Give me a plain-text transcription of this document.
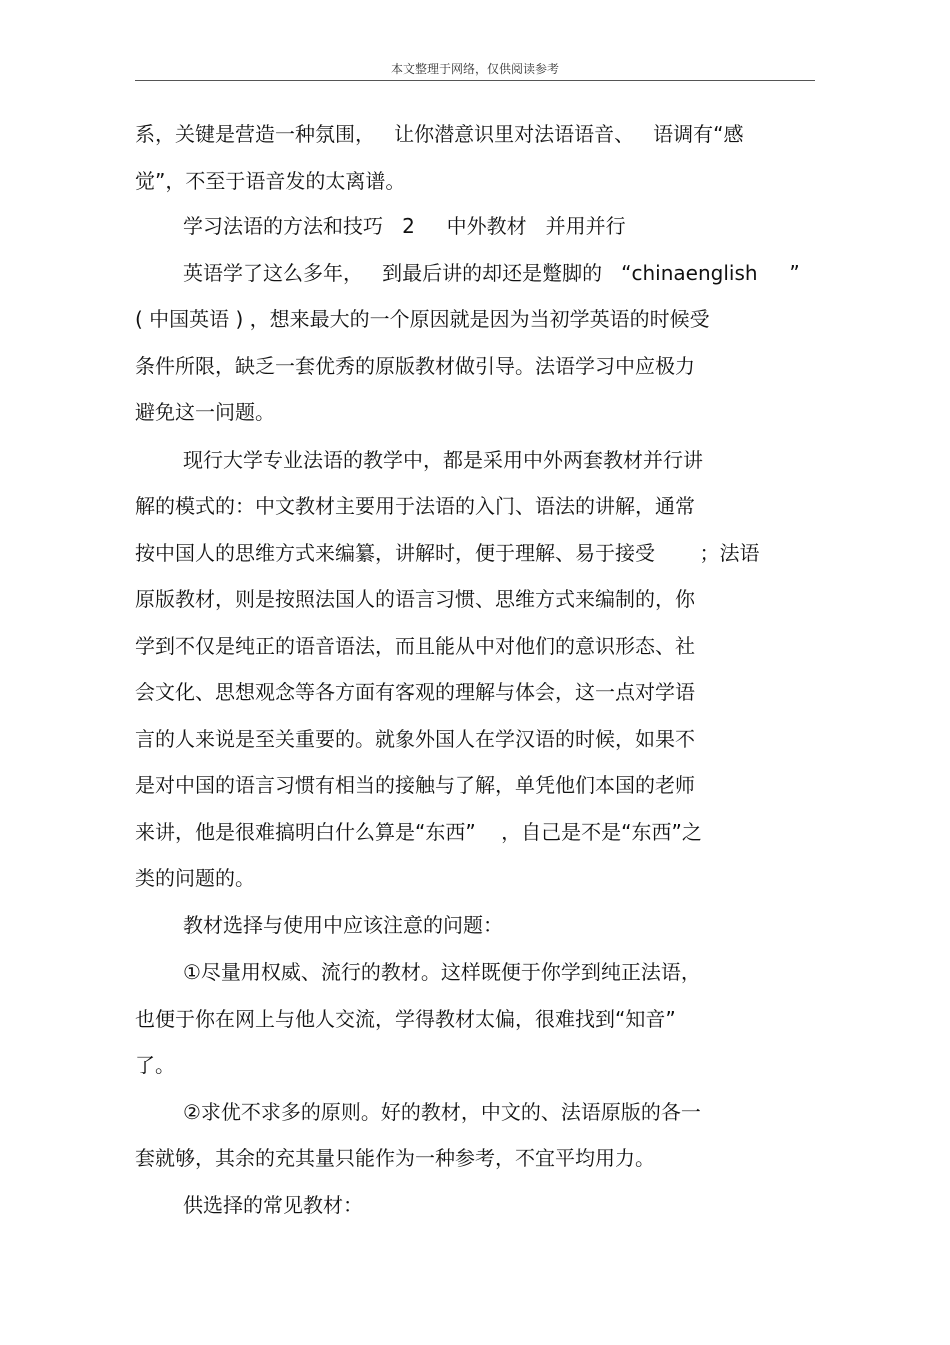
本文整理于网络，仅供阅读参考
系，关键是营造一种氛围，   让你潜意识里对法语语音、   语调有“感
觉”，不至于语音发的太离谱。
学习法语的方法和技巧   2     中外教材   并用并行
英语学了这么多年，   到最后讲的却还是蹩脚的   “chinaenglish     ”
( 中国英语 ) ，想来最大的一个原因就是因为当初学英语的时候受
条件所限，缺乏一套优秀的原版教材做引导。法语学习中应极力
避免这一问题。
现行大学专业法语的教学中，都是采用中外两套教材并行讲
解的模式的：中文教材主要用于法语的入门、语法的讲解，通常
按中国人的思维方式来编纂，讲解时，便于理解、易于接受       ；法语
原版教材，则是按照法国人的语言习惯、思维方式来编制的，你
学到不仅是纯正的语音语法，而且能从中对他们的意识形态、社
会文化、思想观念等各方面有客观的理解与体会，这一点对学语
言的人来说是至关重要的。就象外国人在学汉语的时候，如果不
是对中国的语言习惯有相当的接触与了解，单凭他们本国的老师
来讲，他是很难搞明白什么算是“东西”    ，自己是不是“东西”之
类的问题的。
教材选择与使用中应该注意的问题：
①尽量用权威、流行的教材。这样既便于你学到纯正法语，
也便于你在网上与他人交流，学得教材太偏，很难找到“知音”
了。
②求优不求多的原则。好的教材，中文的、法语原版的各一
套就够，其余的充其量只能作为一种参考，不宜平均用力。
供选择的常见教材：
